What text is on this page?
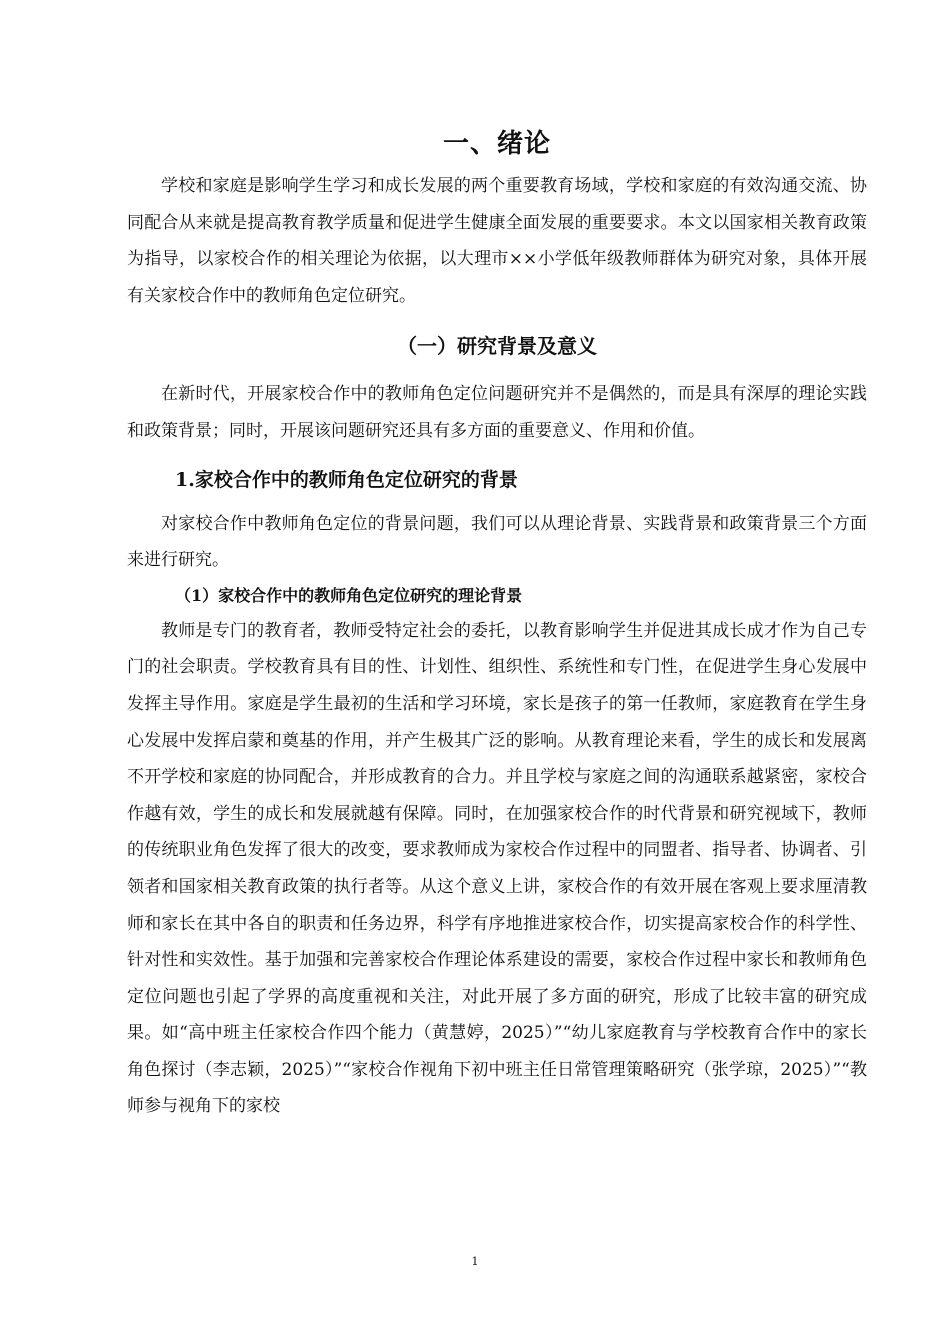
一、绪论

学校和家庭是影响学生学习和成长发展的两个重要教育场域，学校和家庭的有效沟通交流、协同配合从来就是提高教育教学质量和促进学生健康全面发展的重要要求。本文以国家相关教育政策为指导，以家校合作的相关理论为依据，以大理市××小学低年级教师群体为研究对象，具体开展有关家校合作中的教师角色定位研究。

（一）研究背景及意义

在新时代，开展家校合作中的教师角色定位问题研究并不是偶然的，而是具有深厚的理论实践和政策背景；同时，开展该问题研究还具有多方面的重要意义、作用和价值。

1.家校合作中的教师角色定位研究的背景

对家校合作中教师角色定位的背景问题，我们可以从理论背景、实践背景和政策背景三个方面来进行研究。

（1）家校合作中的教师角色定位研究的理论背景

教师是专门的教育者，教师受特定社会的委托，以教育影响学生并促进其成长成才作为自己专门的社会职责。学校教育具有目的性、计划性、组织性、系统性和专门性，在促进学生身心发展中发挥主导作用。家庭是学生最初的生活和学习环境，家长是孩子的第一任教师，家庭教育在学生身心发展中发挥启蒙和奠基的作用，并产生极其广泛的影响。从教育理论来看，学生的成长和发展离不开学校和家庭的协同配合，并形成教育的合力。并且学校与家庭之间的沟通联系越紧密，家校合作越有效，学生的成长和发展就越有保障。同时，在加强家校合作的时代背景和研究视域下，教师的传统职业角色发挥了很大的改变，要求教师成为家校合作过程中的同盟者、指导者、协调者、引领者和国家相关教育政策的执行者等。从这个意义上讲，家校合作的有效开展在客观上要求厘清教师和家长在其中各自的职责和任务边界，科学有序地推进家校合作，切实提高家校合作的科学性、针对性和实效性。基于加强和完善家校合作理论体系建设的需要，家校合作过程中家长和教师角色定位问题也引起了学界的高度重视和关注，对此开展了多方面的研究，形成了比较丰富的研究成果。如“高中班主任家校合作四个能力（黄慧婷，2025）”“幼儿家庭教育与学校教育合作中的家长角色探讨（李志颖，2025）”“家校合作视角下初中班主任日常管理策略研究（张学琼，2025）”“教师参与视角下的家校

1
